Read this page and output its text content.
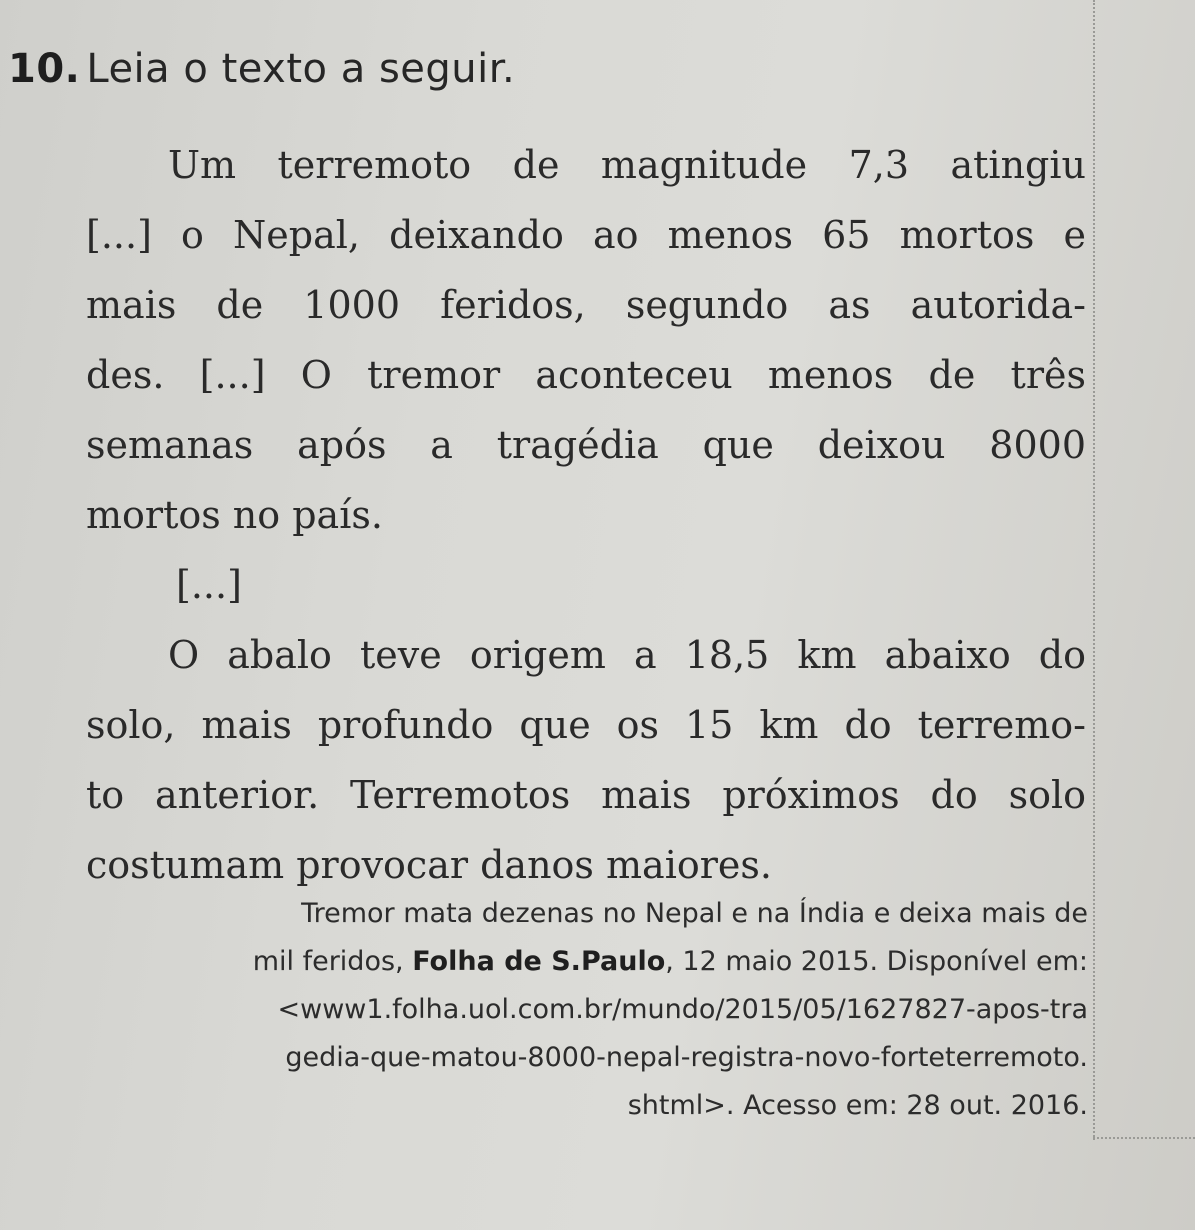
10. Leia o texto a seguir.
Um terremoto de magnitude 7,3 atingiu
[...] o Nepal, deixando ao menos 65 mortos e
mais de 1000 feridos, segundo as autorida-
des. [...] O tremor aconteceu menos de três
semanas após a tragédia que deixou 8000
mortos no país.
[...]
O abalo teve origem a 18,5 km abaixo do
solo, mais profundo que os 15 km do terremo-
to anterior. Terremotos mais próximos do solo
costumam provocar danos maiores.
Tremor mata dezenas no Nepal e na Índia e deixa mais de
mil feridos, Folha de S.Paulo, 12 maio 2015. Disponível em:
<www1.folha.uol.com.br/mundo/2015/05/1627827-apos-tra
gedia-que-matou-8000-nepal-registra-novo-forteterremoto.
shtml>. Acesso em: 28 out. 2016.
